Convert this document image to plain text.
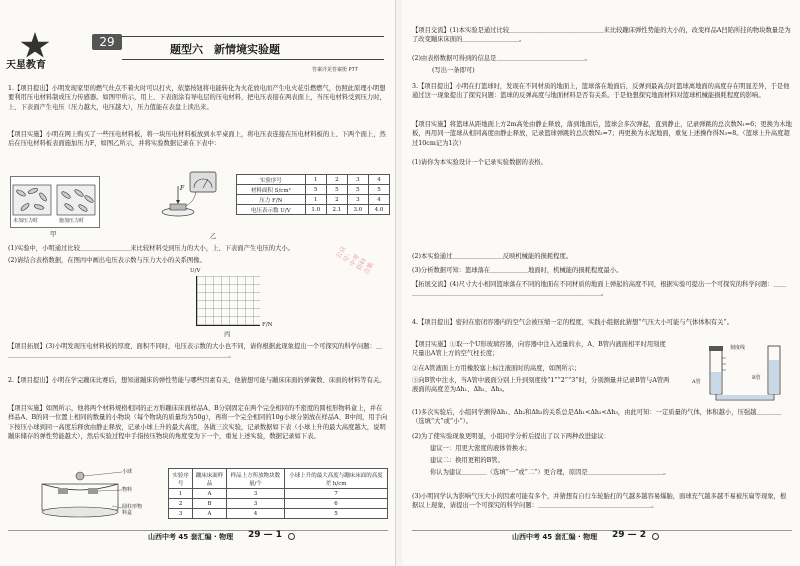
天星教育
29
题型六　新情境实验题
答案详见答案册 P77
1.【项目提出】小明发现家里的燃气灶点不着火时可以打火，依靠按钮将电能转化为火花放电而产生电火花引燃燃气，仿照此原理小明想要利用压电材料制成压力传感器。如图甲所示，用上、下表面涂有导电层的压电材料，把电压表接在两表面上，当压电材料受到压力时，上、下表面产生电压（压力越大，电压越大），压力值能在表盘上读出来。
【项目实施】小明在网上购买了一些压电材料板，将一块压电材料板放到水平桌面上，将电压表连接在压电材料板的上、下两个面上，然后在压电材料板表面施加压力F，如图乙所示，并将实验数据记录在下表中：
未加压力时	施加压力时
甲
F
乙
实验序号	1	2	3	4
材料面积 S/cm²	5	5	5	5
压力 F/N	1	2	3	4
电压表示数 U/V	1.0	2.1	3.0	4.0
(1)实验中，小明通过比较＿＿＿＿＿＿＿＿来比较材料受到压力的大小，上、下表面产生电压的大小。
(2)请结合表格数据，在图丙中画出电压表示数与压力大小的关系图像。
U/V
F/N
丙
【项目拓展】(3)小明发现压电材料板的厚度、面积不同时，电压表示数的大小也不同，请你根据此现象提出一个可探究的科学问题：＿＿＿＿＿＿＿＿＿＿＿＿＿＿＿＿＿＿＿＿＿＿＿＿＿＿＿＿＿＿＿＿＿＿＿＿。
2.【项目提出】小明在学完蹦床比赛后，想知道蹦床的弹性势能与哪些因素有关，他猜想可能与蹦床床面的弹簧数、床面的材料等有关。
【项目实施】如图所示，他将两个材料规格相同的正方形蹦床床面样品A、B分别固定在两个完全相同的不密度的圆柱形物料盒上，并在样品A、B的同一位置上相同的数量的小物块（每个物块的质量均为50g），再将一个完全相同的10g小球分别放在样品A、B中间，用手向下按压小球到同一高度后释放由静止释放，记录小球上升的最大高度，各做三次实验，记录数据如下表（小球上升的最大高度越大，说明蹦床储存的弹性势能越大），然后实验过程中手指按压物块的角度变为下一个，重复上述实验，数据记录如下表。
小球
物料
圆柱形物料盒
实验序号	蹦床床面样品	样品上方所放物块数量/个	小球上升的最大高度与蹦床床面的高度差 h/cm
1	A	3	7
2	B	3	6
3	A	4	5
山西中考 45 套汇编 · 物理 29 — 1
【项目交流】(1)本实验是通过比较＿＿＿＿＿＿＿＿＿＿＿＿＿＿＿来比较蹦床弹性势能的大小的，改变样品A凹陷所挂的物块数量是为了改变蹦床床面的＿＿＿＿＿＿＿＿＿。
(2)由表格数据可得到的信息是＿＿＿＿＿＿＿＿＿＿＿＿＿＿。
(写出一条即可)
3.【项目提出】小明在打篮球时，发现在不同材质的地面上，篮球落在地面后，反弹到最高点时篮球离地面的高度存在明显差异，于是他通过这一现象提出了探究问题：篮球的反弹高度与地面材料是否有关系。于是他想探究地面材料对篮球机械能损耗程度的影响。
【项目实施】将篮球从距地面上方2m高处由静止释放，落到地面后，篮球会多次弹起，直到静止，记录弹跳的总次数N₁=6；更换为木地板，再用同一篮球从相同高度由静止释放，记录篮球弹跳的总次数N₂=7；再更换为水泥地面，重复上述操作得N₃=8。（篮球上升高度超过10cm记为1次）
(1)请你为本实验设计一个记录实验数据的表格。
(2)本实验通过＿＿＿＿＿＿＿＿反映机械能的损耗程度。
(3)分析数据可知：篮球落在＿＿＿＿＿＿地面时，机械能的损耗程度最小。
【拓展交流】(4)尺寸大小相同篮球落在不同的地面在不同材质的地面上弹起的高度不同，根据实验可提出一个可探究的科学问题：＿＿＿＿＿＿＿＿＿＿＿＿＿＿＿＿＿＿＿＿＿＿＿＿＿＿＿＿＿＿＿＿。
4.【项目提出】密封在密闭容器内的空气会被压缩一定的程度，实践小组据此猜想“气压大小可能与气体体积有关”。
【项目实施】①取一个U形玻璃容器，向容器中注入适量的水，A、B管内液面相平时用刻度尺量出A管上方的空气柱长度；
②在A管液面上方用橡胶塞上标注液面时的高度，如图所示；
③向B管中注水，当A管中液面分别上升到刻度线“1”“2”“3”时，分别测量并记录B管与A管两液面的高度差为Δh₁、Δh₂、Δh₃。
刻度线
A管
B管
(1)多次实验后，小组同学测得Δh₁、Δh₂和Δh₃的关系总是Δh₁<Δh₂<Δh₃，由此可知：一定质量的气体，体积越小，压强越＿＿＿＿（选填“大”或“小”）。
(2)为了使实验现象更明显，小组同学分析后提出了以下两种改进建议：
建议一：用更大密度的液体替换水；
建议二：换用更粗的B管。
你认为建议＿＿＿＿（选填“一”或“二”）更合理，原因是＿＿＿＿＿＿＿＿＿＿＿＿。
(3)小明同学认为影响气压大小的因素可能有多个，并猜想有自行车轮胎打的气越多越容易爆胎，面球充气越多越不易被压扁等现象，根据以上现象，请提出一个可探究的科学问题：＿＿＿＿＿＿＿＿＿＿＿＿＿＿＿＿＿＿。
山西中考 45 套汇编 · 物理 29 — 2
公众号：中考资料合集
